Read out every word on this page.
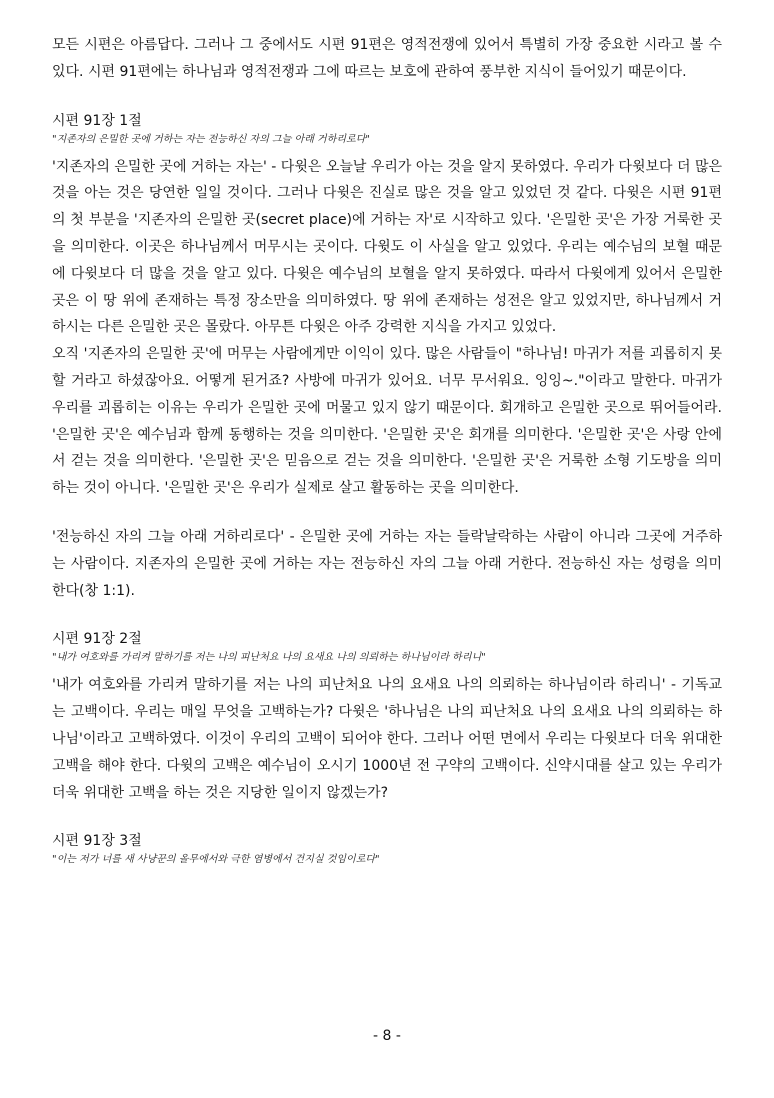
모든 시편은 아름답다. 그러나 그 중에서도 시편 91편은 영적전쟁에 있어서 특별히 가장 중요한 시라고 볼 수 있다. 시편 91편에는 하나님과 영적전쟁과 그에 따르는 보호에 관하여 풍부한 지식이 들어있기 때문이다.

시편 91장 1절

"지존자의 은밀한 곳에 거하는 자는 전능하신 자의 그늘 아래 거하리로다"

'지존자의 은밀한 곳에 거하는 자는' - 다윗은 오늘날 우리가 아는 것을 알지 못하였다. 우리가 다윗보다 더 많은 것을 아는 것은 당연한 일일 것이다. 그러나 다윗은 진실로 많은 것을 알고 있었던 것 같다. 다윗은 시편 91편의 첫 부분을 '지존자의 은밀한 곳(secret place)에 거하는 자'로 시작하고 있다. '은밀한 곳'은 가장 거룩한 곳을 의미한다. 이곳은 하나님께서 머무시는 곳이다. 다윗도 이 사실을 알고 있었다. 우리는 예수님의 보혈 때문에 다윗보다 더 많을 것을 알고 있다. 다윗은 예수님의 보혈을 알지 못하였다. 따라서 다윗에게 있어서 은밀한 곳은 이 땅 위에 존재하는 특정 장소만을 의미하였다. 땅 위에 존재하는 성전은 알고 있었지만, 하나님께서 거하시는 다른 은밀한 곳은 몰랐다. 아무튼 다윗은 아주 강력한 지식을 가지고 있었다.

오직 '지존자의 은밀한 곳'에 머무는 사람에게만 이익이 있다. 많은 사람들이 "하나님! 마귀가 저를 괴롭히지 못할 거라고 하셨잖아요. 어떻게 된거죠? 사방에 마귀가 있어요. 너무 무서워요. 잉잉~."이라고 말한다. 마귀가 우리를 괴롭히는 이유는 우리가 은밀한 곳에 머물고 있지 않기 때문이다. 회개하고 은밀한 곳으로 뛰어들어라. '은밀한 곳'은 예수님과 함께 동행하는 것을 의미한다. '은밀한 곳'은 회개를 의미한다. '은밀한 곳'은 사랑 안에서 걷는 것을 의미한다. '은밀한 곳'은 믿음으로 걷는 것을 의미한다. '은밀한 곳'은 거룩한 소형 기도방을 의미하는 것이 아니다. '은밀한 곳'은 우리가 실제로 살고 활동하는 곳을 의미한다.

'전능하신 자의 그늘 아래 거하리로다' - 은밀한 곳에 거하는 자는 들락날락하는 사람이 아니라 그곳에 거주하는 사람이다. 지존자의 은밀한 곳에 거하는 자는 전능하신 자의 그늘 아래 거한다. 전능하신 자는 성령을 의미한다(창 1:1).

시편 91장 2절

"내가 여호와를 가리켜 말하기를 저는 나의 피난처요 나의 요새요 나의 의뢰하는 하나님이라 하리니"

'내가 여호와를 가리켜 말하기를 저는 나의 피난처요 나의 요새요 나의 의뢰하는 하나님이라 하리니' - 기독교는 고백이다. 우리는 매일 무엇을 고백하는가? 다윗은 '하나님은 나의 피난처요 나의 요새요 나의 의뢰하는 하나님'이라고 고백하였다. 이것이 우리의 고백이 되어야 한다. 그러나 어떤 면에서 우리는 다윗보다 더욱 위대한 고백을 해야 한다. 다윗의 고백은 예수님이 오시기 1000년 전 구약의 고백이다. 신약시대를 살고 있는 우리가 더욱 위대한 고백을 하는 것은 지당한 일이지 않겠는가?

시편 91장 3절

"이는 저가 너를 새 사냥꾼의 올무에서와 극한 염병에서 건지실 것임이로다"

- 8 -
